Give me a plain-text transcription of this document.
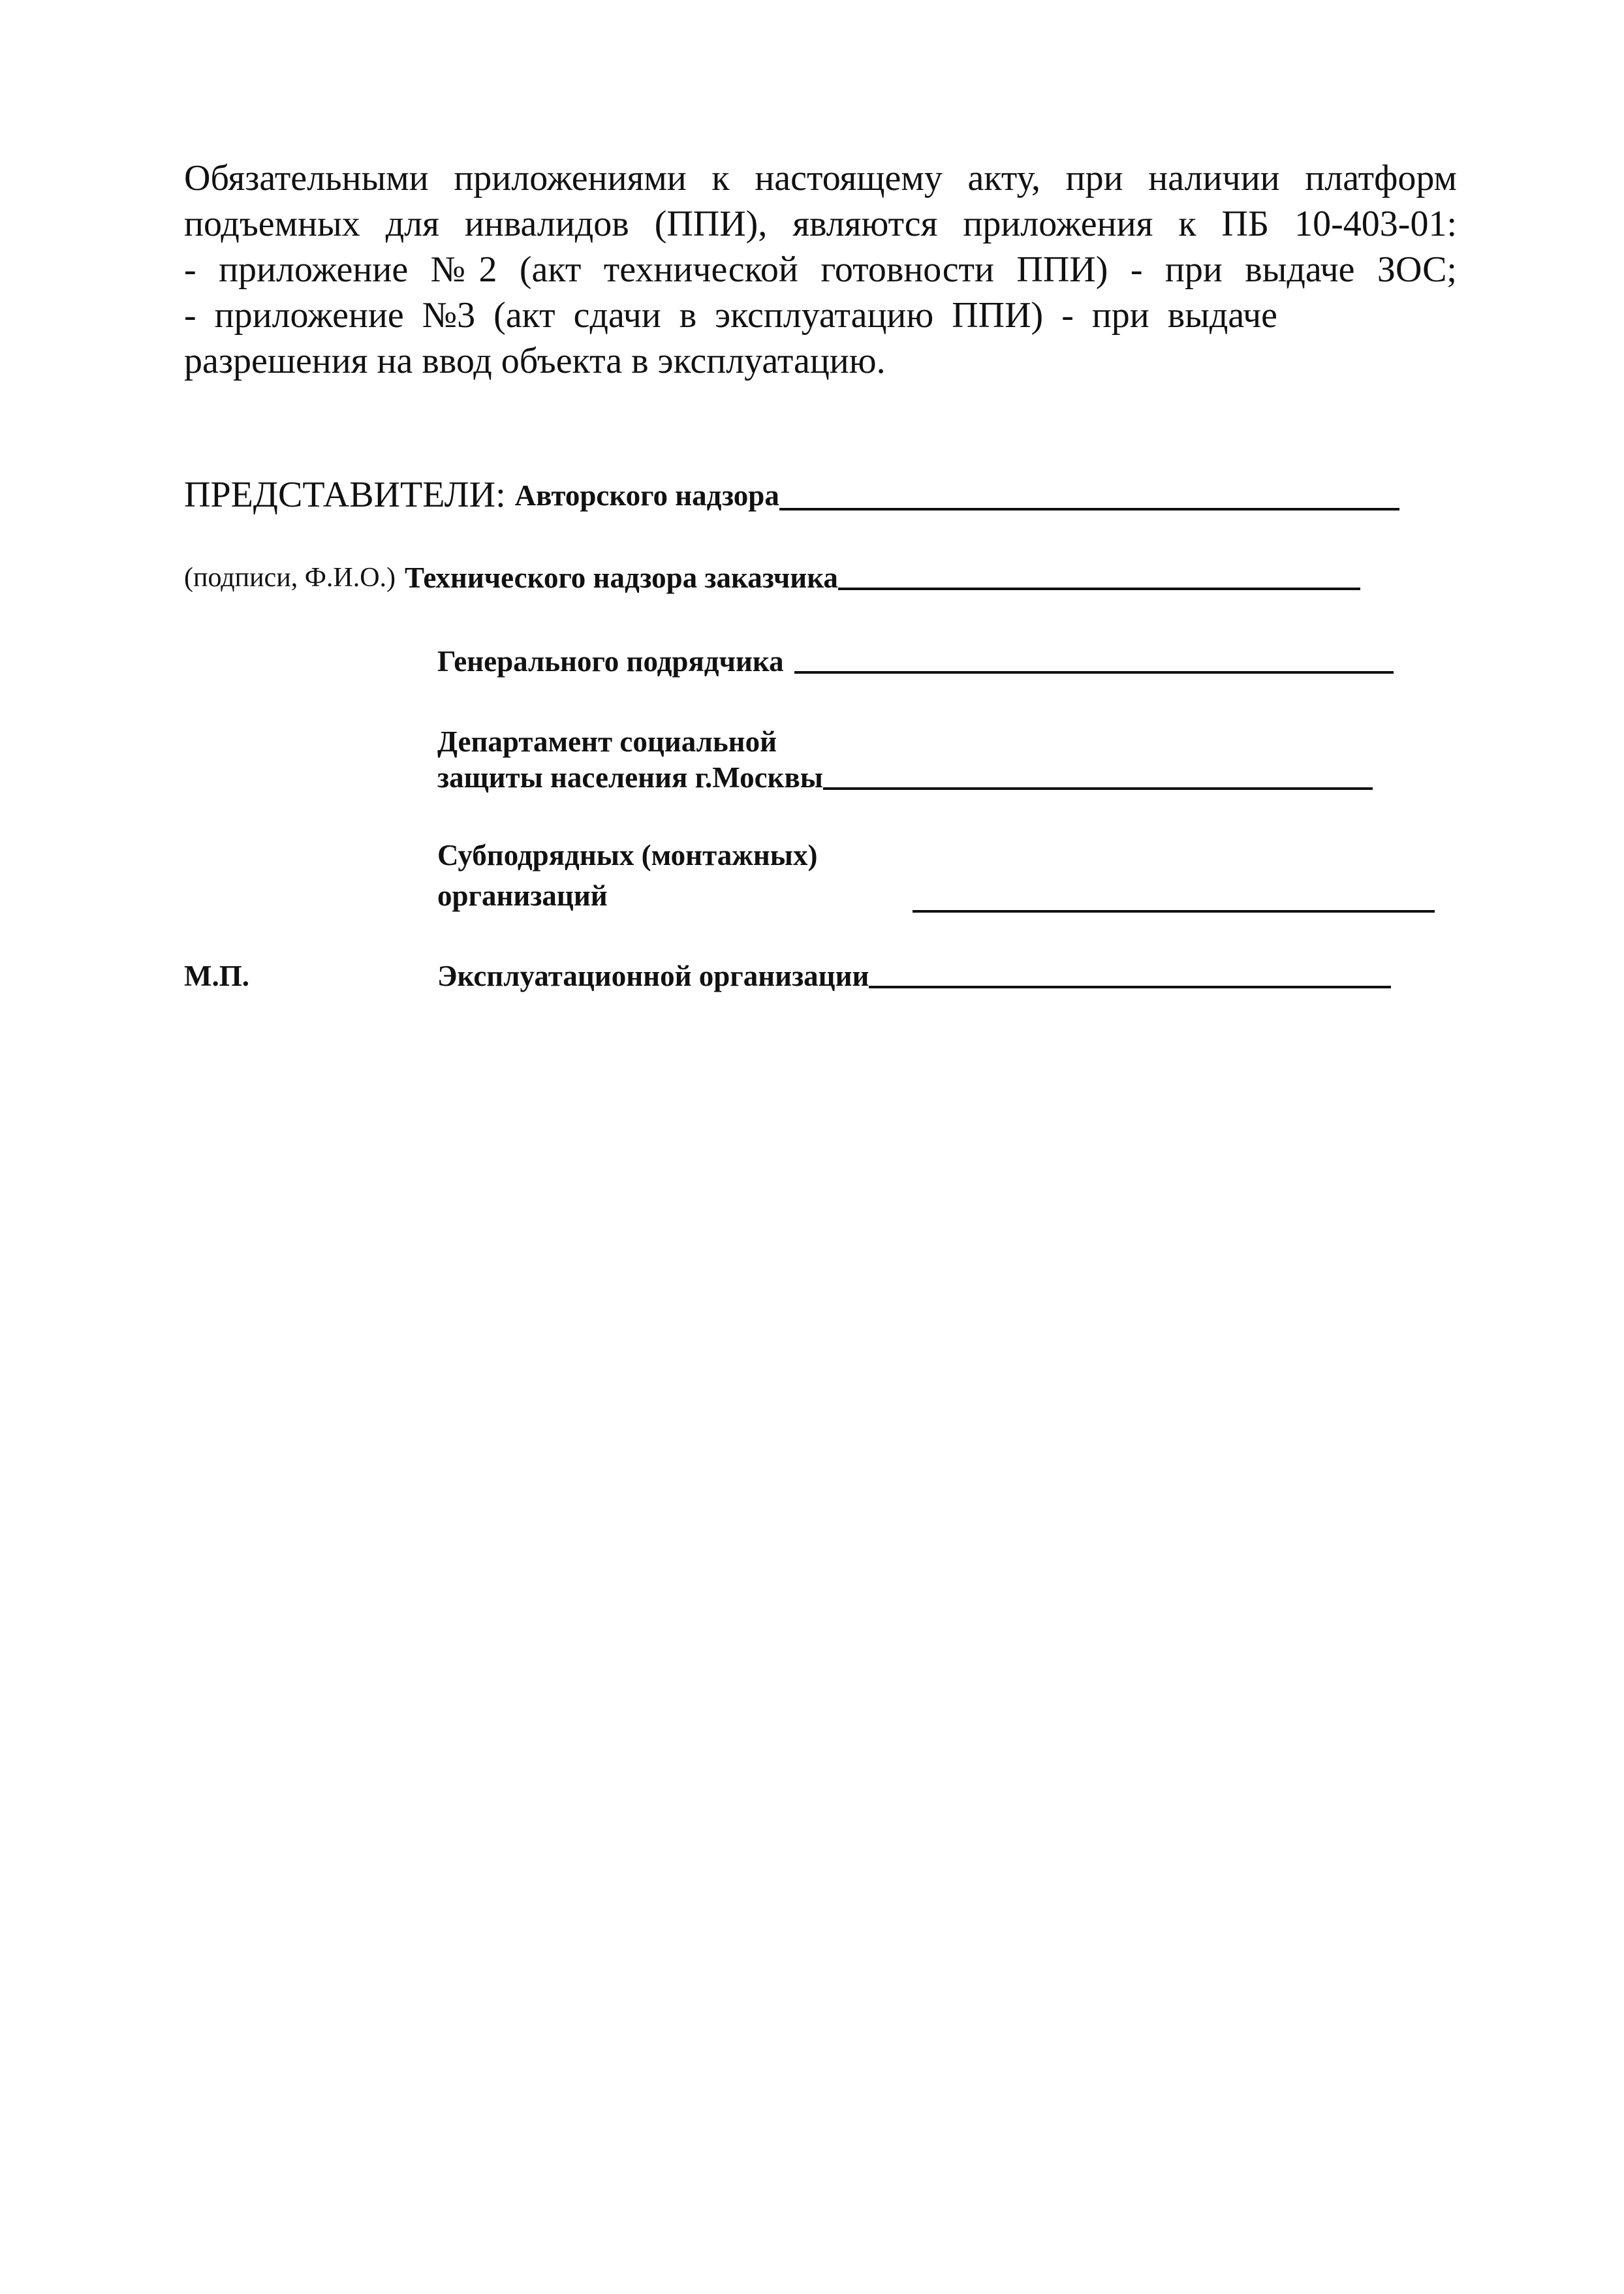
Обязательными приложениями к настоящему акту, при наличии платформ
подъемных для инвалидов (ППИ), являются приложения к ПБ 10-403-01:
- приложение №2 (акт технической готовности ППИ) - при выдаче ЗОС;
- приложение №3 (акт сдачи в эксплуатацию ППИ) - при выдаче
разрешения на ввод объекта в эксплуатацию.
ПРЕДСТАВИТЕЛИ: Авторского надзора
(подписи, Ф.И.О.) Технического надзора заказчика
Генерального подрядчика
Департамент социальной
защиты населения г.Москвы
Субподрядных (монтажных)
организаций
М.П.	Эксплуатационной организации
